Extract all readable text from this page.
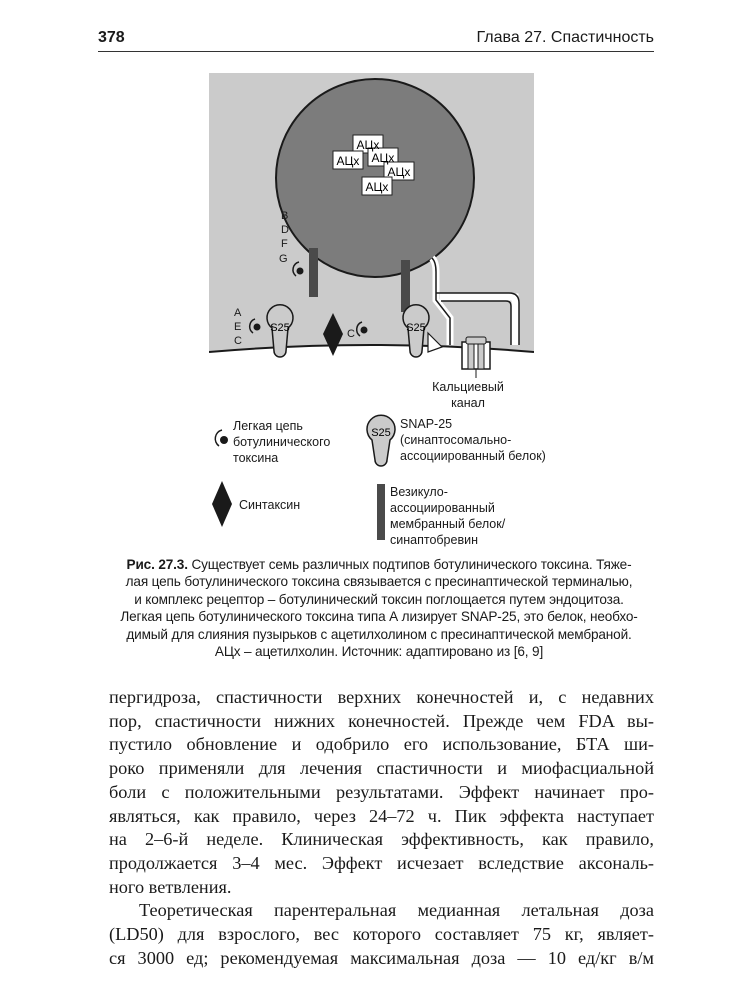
378	Глава 27. Спастичность
АЦх
АЦх АЦх
АЦх
АЦх
B
D
F
G
A
E
C
C
S25	S25
Кальциевый
канал
Легкая цепь
ботулинического
токсина
S25
SNAP-25
(синаптосомально-
ассоциированный белок)
Синтаксин
Везикуло-
ассоциированный
мембранный белок/
синаптобревин
Рис. 27.3. Существует семь различных подтипов ботулинического токсина. Тяже-
лая цепь ботулинического токсина связывается с пресинаптической терминалью,
и комплекс рецептор – ботулинический токсин поглощается путем эндоцитоза.
Легкая цепь ботулинического токсина типа А лизирует SNAP-25, это белок, необхо-
димый для слияния пузырьков с ацетилхолином с пресинаптической мембраной.
АЦх – ацетилхолин. Источник: адаптировано из [6, 9]
пергидроза, спастичности верхних конечностей и, с недавних
пор, спастичности нижних конечностей. Прежде чем FDA вы-
пустило обновление и одобрило его использование, БТА ши-
роко применяли для лечения спастичности и миофасциальной
боли с положительными результатами. Эффект начинает про-
являться, как правило, через 24–72 ч. Пик эффекта наступает
на 2–6-й неделе. Клиническая эффективность, как правило,
продолжается 3–4 мес. Эффект исчезает вследствие аксональ-
ного ветвления.
Теоретическая парентеральная медианная летальная доза
(LD50) для взрослого, вес которого составляет 75 кг, являет-
ся 3000 ед; рекомендуемая максимальная доза — 10 ед/кг в/м
